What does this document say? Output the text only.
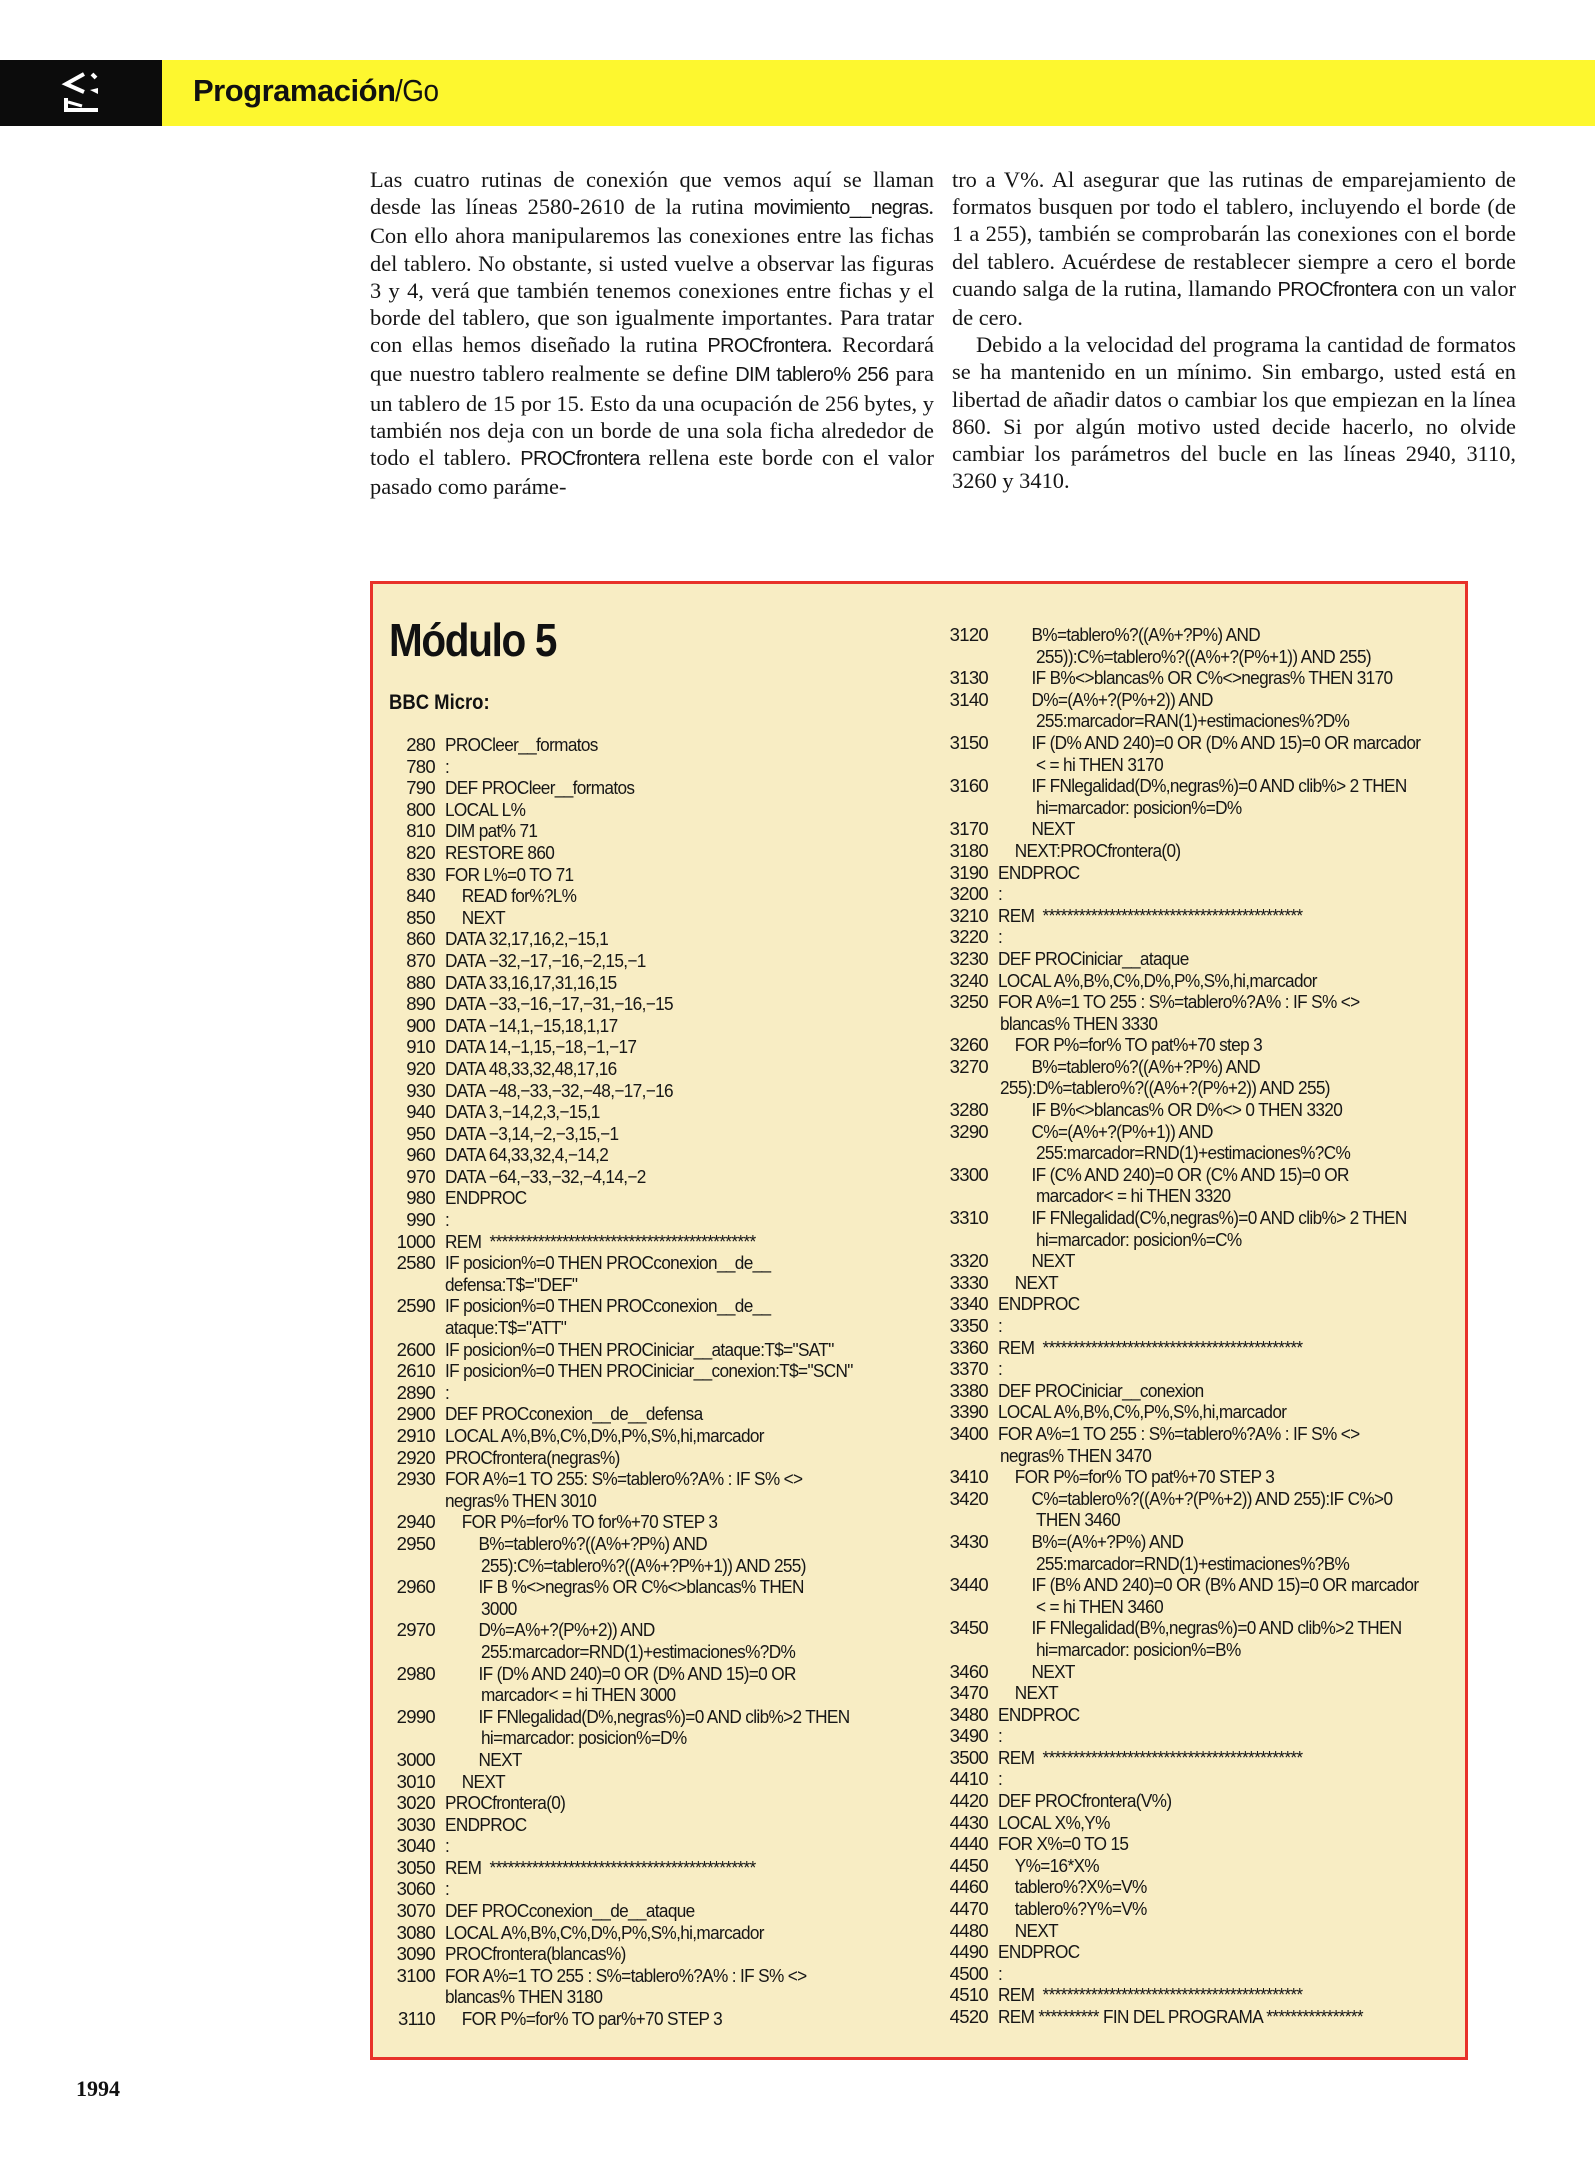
Programación/Go

Las cuatro rutinas de conexión que vemos aquí se llaman desde las líneas 2580-2610 de la rutina movimiento__negras. Con ello ahora manipularemos las conexiones entre las fichas del tablero. No obstante, si usted vuelve a observar las figuras 3 y 4, verá que también tenemos conexiones entre fichas y el borde del tablero, que son igualmente importantes. Para tratar con ellas hemos diseñado la rutina PROCfrontera. Recordará que nuestro tablero realmente se define DIM tablero% 256 para un tablero de 15 por 15. Esto da una ocupación de 256 bytes, y también nos deja con un borde de una sola ficha alrededor de todo el tablero. PROCfrontera rellena este borde con el valor pasado como paráme-

tro a V%. Al asegurar que las rutinas de emparejamiento de formatos busquen por todo el tablero, incluyendo el borde (de 1 a 255), también se comprobarán las conexiones con el borde del tablero. Acuérdese de restablecer siempre a cero el borde cuando salga de la rutina, llamando PROCfrontera con un valor de cero.

Debido a la velocidad del programa la cantidad de formatos se ha mantenido en un mínimo. Sin embargo, usted está en libertad de añadir datos o cambiar los que empiezan en la línea 860. Si por algún motivo usted decide hacerlo, no olvide cambiar los parámetros del bucle en las líneas 2940, 3110, 3260 y 3410.

Módulo 5
BBC Micro:
280 PROCleer__formatos
780 :
790 DEF PROCleer__formatos
800 LOCAL L%
810 DIM pat% 71
820 RESTORE 860
830 FOR L%=0 TO 71
840	READ for%?L%
850	NEXT
860 DATA 32,17,16,2,−15,1
870 DATA −32,−17,−16,−2,15,−1
880 DATA 33,16,17,31,16,15
890 DATA −33,−16,−17,−31,−16,−15
900 DATA −14,1,−15,18,1,17
910 DATA 14,−1,15,−18,−1,−17
920 DATA 48,33,32,48,17,16
930 DATA −48,−33,−32,−48,−17,−16
940 DATA 3,−14,2,3,−15,1
950 DATA −3,14,−2,−3,15,−1
960 DATA 64,33,32,4,−14,2
970 DATA −64,−33,−32,−4,14,−2
980 ENDPROC
990 :
1000 REM  ********************************************
2580 IF posicion%=0 THEN PROCconexion__de__
defensa:T$="DEF"
2590 IF posicion%=0 THEN PROCconexion__de__
ataque:T$="ATT"
2600 IF posicion%=0 THEN PROCiniciar__ataque:T$="SAT"
2610 IF posicion%=0 THEN PROCiniciar__conexion:T$="SCN"
2890 :
2900 DEF PROCconexion__de__defensa
2910 LOCAL A%,B%,C%,D%,P%,S%,hi,marcador
2920 PROCfrontera(negras%)
2930 FOR A%=1 TO 255: S%=tablero%?A% : IF S% <>
negras% THEN 3010
2940	FOR P%=for% TO for%+70 STEP 3
2950	B%=tablero%?((A%+?P%) AND
255):C%=tablero%?((A%+?P%+1)) AND 255)
2960	IF B %<>negras% OR C%<>blancas% THEN
3000
2970	D%=A%+?(P%+2)) AND
255:marcador=RND(1)+estimaciones%?D%
2980	IF (D% AND 240)=0 OR (D% AND 15)=0 OR
marcador< = hi THEN 3000
2990	IF FNlegalidad(D%,negras%)=0 AND clib%>2 THEN
hi=marcador: posicion%=D%
3000	NEXT
3010	NEXT
3020 PROCfrontera(0)
3030 ENDPROC
3040 :
3050 REM  ********************************************
3060 :
3070 DEF PROCconexion__de__ataque
3080 LOCAL A%,B%,C%,D%,P%,S%,hi,marcador
3090 PROCfrontera(blancas%)
3100 FOR A%=1 TO 255 : S%=tablero%?A% : IF S% <>
blancas% THEN 3180
3110	FOR P%=for% TO par%+70 STEP 3
3120	B%=tablero%?((A%+?P%) AND
255)):C%=tablero%?((A%+?(P%+1)) AND 255)
3130	IF B%<>blancas% OR C%<>negras% THEN 3170
3140	D%=(A%+?(P%+2)) AND
255:marcador=RAN(1)+estimaciones%?D%
3150	IF (D% AND 240)=0 OR (D% AND 15)=0 OR marcador
< = hi THEN 3170
3160	IF FNlegalidad(D%,negras%)=0 AND clib%> 2 THEN
hi=marcador: posicion%=D%
3170	NEXT
3180	NEXT:PROCfrontera(0)
3190 ENDPROC
3200 :
3210 REM  *******************************************
3220 :
3230 DEF PROCiniciar__ataque
3240 LOCAL A%,B%,C%,D%,P%,S%,hi,marcador
3250 FOR A%=1 TO 255 : S%=tablero%?A% : IF S% <>
blancas% THEN 3330
3260	FOR P%=for% TO pat%+70 step 3
3270	B%=tablero%?((A%+?P%) AND
255):D%=tablero%?((A%+?(P%+2)) AND 255)
3280	IF B%<>blancas% OR D%<> 0 THEN 3320
3290	C%=(A%+?(P%+1)) AND
255:marcador=RND(1)+estimaciones%?C%
3300	IF (C% AND 240)=0 OR (C% AND 15)=0 OR
marcador< = hi THEN 3320
3310	IF FNlegalidad(C%,negras%)=0 AND clib%> 2 THEN
hi=marcador: posicion%=C%
3320	NEXT
3330	NEXT
3340 ENDPROC
3350 :
3360 REM  *******************************************
3370 :
3380 DEF PROCiniciar__conexion
3390 LOCAL A%,B%,C%,P%,S%,hi,marcador
3400 FOR A%=1 TO 255 : S%=tablero%?A% : IF S% <>
negras% THEN 3470
3410	FOR P%=for% TO pat%+70 STEP 3
3420	C%=tablero%?((A%+?(P%+2)) AND 255):IF C%>0
THEN 3460
3430	B%=(A%+?P%) AND
255:marcador=RND(1)+estimaciones%?B%
3440	IF (B% AND 240)=0 OR (B% AND 15)=0 OR marcador
< = hi THEN 3460
3450	IF FNlegalidad(B%,negras%)=0 AND clib%>2 THEN
hi=marcador: posicion%=B%
3460	NEXT
3470	NEXT
3480 ENDPROC
3490 :
3500 REM  *******************************************
4410 :
4420 DEF PROCfrontera(V%)
4430 LOCAL X%,Y%
4440 FOR X%=0 TO 15
4450	Y%=16*X%
4460	tablero%?X%=V%
4470	tablero%?Y%=V%
4480	NEXT
4490 ENDPROC
4500 :
4510 REM  *******************************************
4520 REM ********** FIN DEL PROGRAMA ****************
1994
